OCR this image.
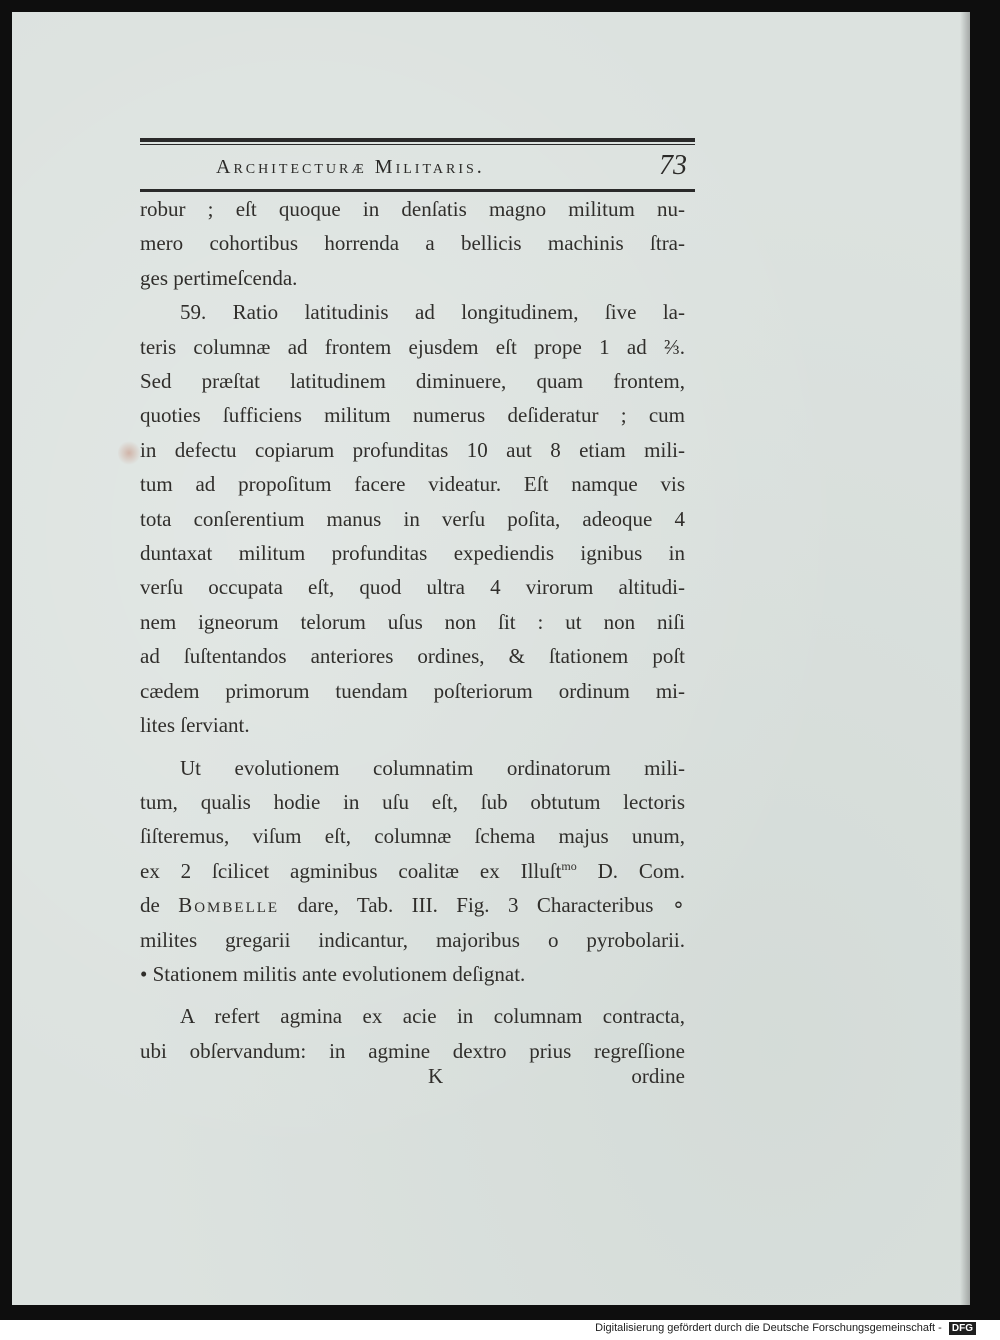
Architecturæ Militaris.	73
robur ; eſt quoque in denſatis magno militum nu-
mero cohortibus horrenda a bellicis machinis ſtra-
ges pertimeſcenda.
59. Ratio latitudinis ad longitudinem, ſive la-
teris columnæ ad frontem ejusdem eſt prope 1 ad ⅔.
Sed præſtat latitudinem diminuere, quam frontem,
quoties ſufficiens militum numerus deſideratur ; cum
in defectu copiarum profunditas 10 aut 8 etiam mili-
tum ad propoſitum facere videatur. Eſt namque vis
tota conſerentium manus in verſu poſita, adeoque 4
duntaxat militum profunditas expediendis ignibus in
verſu occupata eſt, quod ultra 4 virorum altitudi-
nem igneorum telorum uſus non ſit : ut non niſi
ad ſuſtentandos anteriores ordines, & ſtationem poſt
cædem primorum tuendam poſteriorum ordinum mi-
lites ſerviant.
Ut evolutionem columnatim ordinatorum mili-
tum, qualis hodie in uſu eſt, ſub obtutum lectoris
ſiſteremus, viſum eſt, columnæ ſchema majus unum,
ex 2 ſcilicet agminibus coalitæ ex Illuſt$^{mo}$ D. Com.
de Bombelle dare, Tab. III. Fig. 3 Characteribus ∘
milites gregarii indicantur, majoribus o pyrobolarii.
• Stationem militis ante evolutionem deſignat.
A refert agmina ex acie in columnam contracta,
ubi obſervandum: in agmine dextro prius regreſſione
K	ordine
Digitalisierung gefördert durch die Deutsche Forschungsgemeinschaft - DFG
